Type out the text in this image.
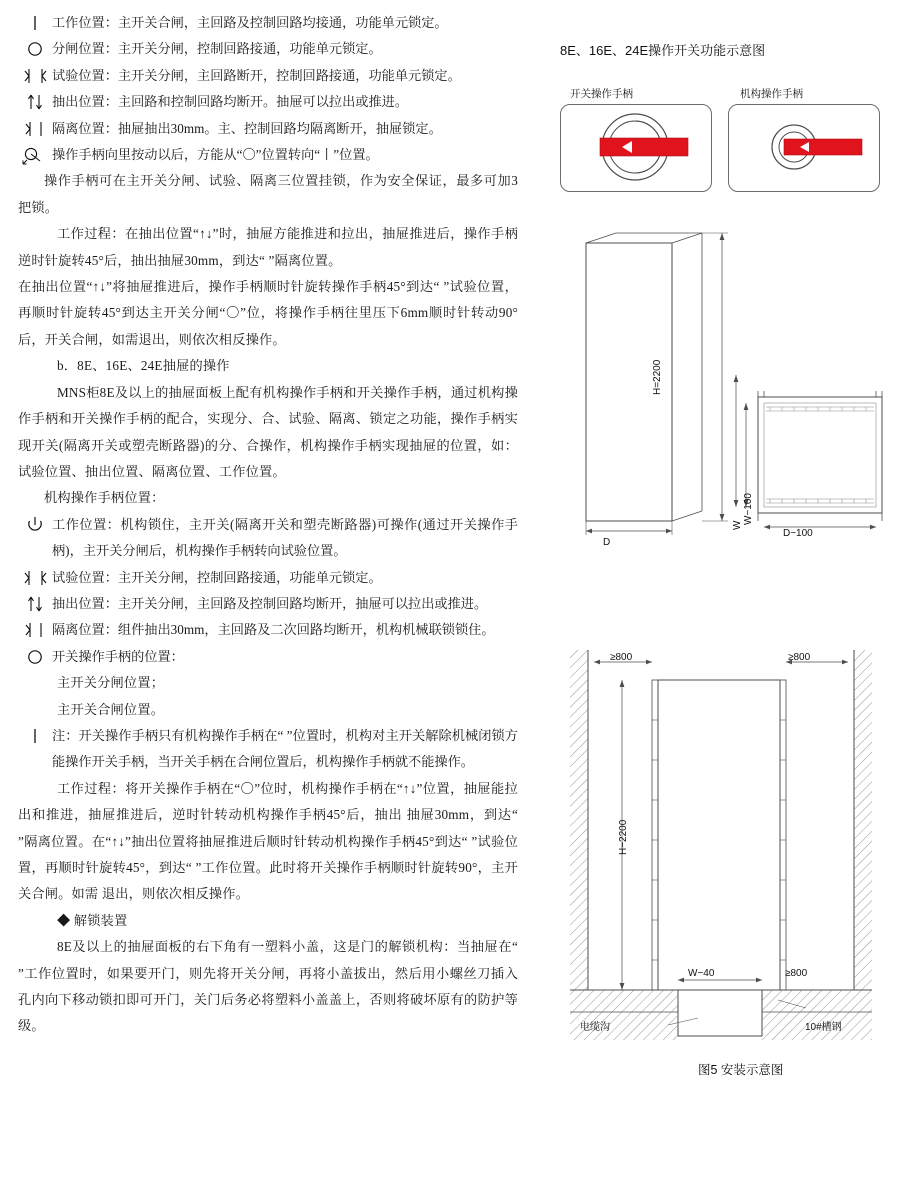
工作位置：主开关合闸，主回路及控制回路均接通，功能单元锁定。
分闸位置：主开关分闸，控制回路接通，功能单元锁定。
试验位置：主开关分闸，主回路断开，控制回路接通，功能单元锁定。
抽出位置：主回路和控制回路均断开。抽屉可以拉出或推进。
隔离位置：抽屉抽出30mm。主、控制回路均隔离断开，抽屉锁定。
操作手柄向里按动以后，方能从“〇”位置转向“丨”位置。

操作手柄可在主开关分闸、试验、隔离三位置挂锁，作为安全保证，最多可加3把锁。

工作过程：在抽出位置“↑↓”时，抽屉方能推进和拉出，抽屉推进后，操作手柄逆时针旋转45°后，抽出抽屉30mm，到达“ ”隔离位置。

在抽出位置“↑↓”将抽屉推进后，操作手柄顺时针旋转操作手柄45°到达“ ”试验位置，再顺时针旋转45°到达主开关分闸“〇”位，将操作手柄往里压下6mm顺时针转动90°后，开关合闸，如需退出，则依次相反操作。

b．8E、16E、24E抽屉的操作

MNS柜8E及以上的抽屉面板上配有机构操作手柄和开关操作手柄，通过机构操作手柄和开关操作手柄的配合，实现分、合、试验、隔离、锁定之功能，操作手柄实现开关(隔离开关或塑壳断路器)的分、合操作，机构操作手柄实现抽屉的位置，如：试验位置、抽出位置、隔离位置、工作位置。

机构操作手柄位置：

工作位置：机构锁住，主开关(隔离开关和塑壳断路器)可操作(通过开关操作手柄)，主开关分闸后，机构操作手柄转向试验位置。
试验位置：主开关分闸，控制回路接通，功能单元锁定。
抽出位置：主开关分闸，主回路及控制回路均断开，抽屉可以拉出或推进。
隔离位置：组件抽出30mm，主回路及二次回路均断开，机构机械联锁锁住。
开关操作手柄的位置：

主开关分闸位置；

主开关合闸位置。

注：开关操作手柄只有机构操作手柄在“ ”位置时，机构对主开关解除机械闭锁方能操作开关手柄，当开关手柄在合闸位置后，机构操作手柄就不能操作。

工作过程：将开关操作手柄在“〇”位时，机构操作手柄在“↑↓”位置，抽屉能拉出和推进，抽屉推进后，逆时针转动机构操作手柄45°后，抽出 抽屉30mm，到达“ ”隔离位置。在“↑↓”抽出位置将抽屉推进后顺时针转动机构操作手柄45°到达“ ”试验位置，再顺时针旋转45°，到达“ ”工作位置。此时将开关操作手柄顺时针旋转90°，主开关合闸。如需 退出，则依次相反操作。

◆ 解锁装置

8E及以上的抽屉面板的右下角有一塑料小盖，这是门的解锁机构：当抽屉在“ ”工作位置时，如果要开门，则先将开关分闸，再将小盖拔出，然后用小螺丝刀插入孔内向下移动锁扣即可开门，关门后务必将塑料小盖盖上，否则将破坏原有的防护等级。

8E、16E、24E操作开关功能示意图
开关操作手柄	机构操作手柄
H=2200
D
W
W−100
D−100
≥800	≥800
H−2200
W−40	≥800
电缆沟	10#槽钢
图5 安装示意图
